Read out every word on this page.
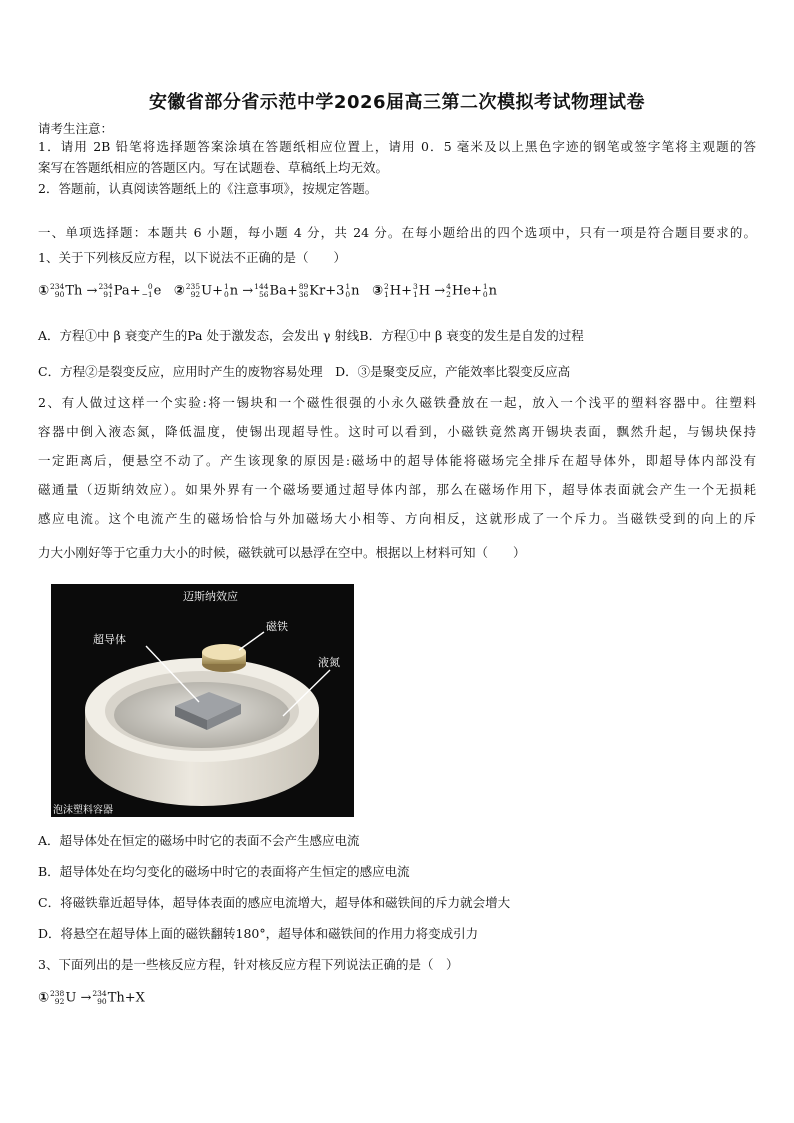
安徽省部分省示范中学2026届高三第二次模拟考试物理试卷
请考生注意：
1．请用 2B 铅笔将选择题答案涂填在答题纸相应位置上，请用 0．5 毫米及以上黑色字迹的钢笔或签字笔将主观题的答
案写在答题纸相应的答题区内。写在试题卷、草稿纸上均无效。
2．答题前，认真阅读答题纸上的《注意事项》，按规定答题。
一、单项选择题：本题共 6 小题，每小题 4 分，共 24 分。在每小题给出的四个选项中，只有一项是符合题目要求的。
1、关于下列核反应方程，以下说法不正确的是（　　）
① 234
90 Th → 234
91 Pa+ 0
−1 e ② 235
92 U+ 1
0 n → 144
56 Ba+ 89
36 Kr+3 1
0 n ③ 2
1 H+ 3
1 H → 4
2 He+ 1
0 n
A．方程①中 β 衰变产生的Pa 处于激发态，会发出 γ 射线B．方程①中 β 衰变的发生是自发的过程
C．方程②是裂变反应，应用时产生的废物容易处理　D．③是聚变反应，产能效率比裂变反应高
2、有人做过这样一个实验:将一锡块和一个磁性很强的小永久磁铁叠放在一起，放入一个浅平的塑料容器中。往塑料
容器中倒入液态氮，降低温度，使锡出现超导性。这时可以看到，小磁铁竟然离开锡块表面，飘然升起，与锡块保持
一定距离后，便悬空不动了。产生该现象的原因是:磁场中的超导体能将磁场完全排斥在超导体外，即超导体内部没有
磁通量（迈斯纳效应）。如果外界有一个磁场要通过超导体内部，那么在磁场作用下，超导体表面就会产生一个无损耗
感应电流。这个电流产生的磁场恰恰与外加磁场大小相等、方向相反，这就形成了一个斥力。当磁铁受到的向上的斥
力大小刚好等于它重力大小的时候，磁铁就可以悬浮在空中。根据以上材料可知（　　）
迈斯纳效应
超导体
磁铁
液氮
泡沫塑料容器
A．超导体处在恒定的磁场中时它的表面不会产生感应电流
B．超导体处在均匀变化的磁场中时它的表面将产生恒定的感应电流
C．将磁铁靠近超导体，超导体表面的感应电流增大，超导体和磁铁间的斥力就会增大
D．将悬空在超导体上面的磁铁翻转180°，超导体和磁铁间的作用力将变成引力
3、下面列出的是一些核反应方程，针对核反应方程下列说法正确的是（　）
① 238
92 U → 234
90 Th+X
